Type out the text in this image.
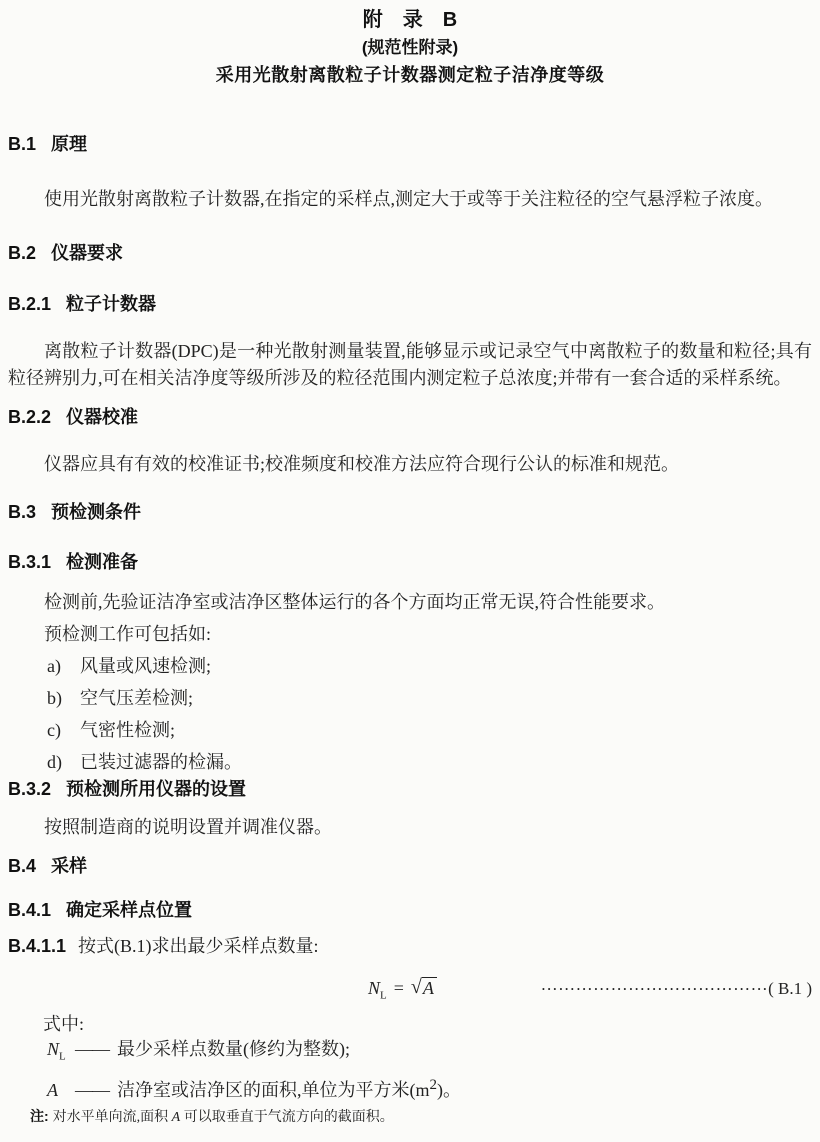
附　录　B
(规范性附录)
采用光散射离散粒子计数器测定粒子洁净度等级
B.1 原理
使用光散射离散粒子计数器,在指定的采样点,测定大于或等于关注粒径的空气悬浮粒子浓度。
B.2 仪器要求
B.2.1 粒子计数器
离散粒子计数器(DPC)是一种光散射测量装置,能够显示或记录空气中离散粒子的数量和粒径;具有粒径辨别力,可在相关洁净度等级所涉及的粒径范围内测定粒子总浓度;并带有一套合适的采样系统。
B.2.2 仪器校准
仪器应具有有效的校准证书;校准频度和校准方法应符合现行公认的标准和规范。
B.3 预检测条件
B.3.1 检测准备
检测前,先验证洁净室或洁净区整体运行的各个方面均正常无误,符合性能要求。
预检测工作可包括如:
a) 风量或风速检测;
b) 空气压差检测;
c) 气密性检测;
d) 已装过滤器的检漏。
B.3.2 预检测所用仪器的设置
按照制造商的说明设置并调准仪器。
B.4 采样
B.4.1 确定采样点位置
B.4.1.1 按式(B.1)求出最少采样点数量:
$N_L = √A$	…………………………………( B.1 )
式中:
$N_L$ —— 最少采样点数量(修约为整数);
A —— 洁净室或洁净区的面积,单位为平方米$(m^2)$。
注: 对水平单向流,面积 A 可以取垂直于气流方向的截面积。
